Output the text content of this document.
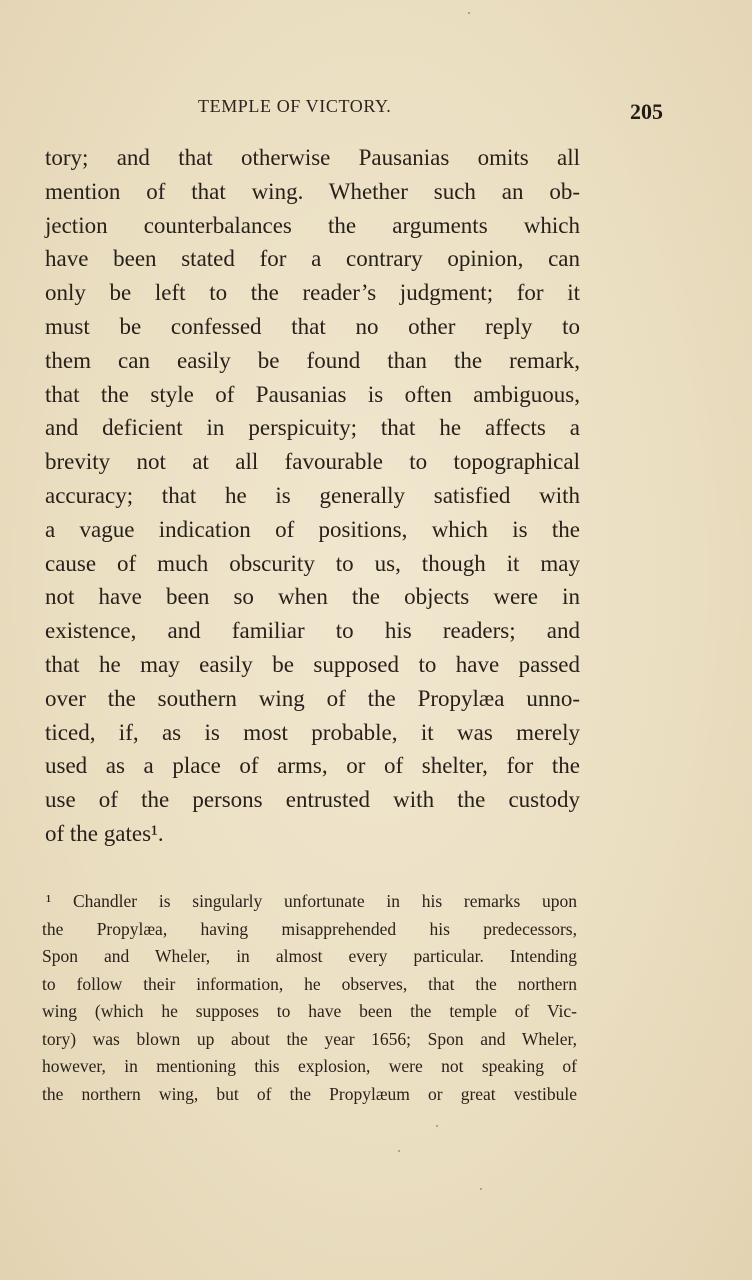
TEMPLE OF VICTORY.	205
tory; and that otherwise Pausanias omits all
mention of that wing. Whether such an ob-
jection counterbalances the arguments which
have been stated for a contrary opinion, can
only be left to the reader’s judgment; for it
must be confessed that no other reply to
them can easily be found than the remark,
that the style of Pausanias is often ambiguous,
and deficient in perspicuity; that he affects a
brevity not at all favourable to topographical
accuracy; that he is generally satisfied with
a vague indication of positions, which is the
cause of much obscurity to us, though it may
not have been so when the objects were in
existence, and familiar to his readers; and
that he may easily be supposed to have passed
over the southern wing of the Propylæa unno-
ticed, if, as is most probable, it was merely
used as a place of arms, or of shelter, for the
use of the persons entrusted with the custody
of the gates¹.
¹ Chandler is singularly unfortunate in his remarks upon
the Propylæa, having misapprehended his predecessors,
Spon and Wheler, in almost every particular. Intending
to follow their information, he observes, that the northern
wing (which he supposes to have been the temple of Vic-
tory) was blown up about the year 1656; Spon and Wheler,
however, in mentioning this explosion, were not speaking of
the northern wing, but of the Propylæum or great vestibule
